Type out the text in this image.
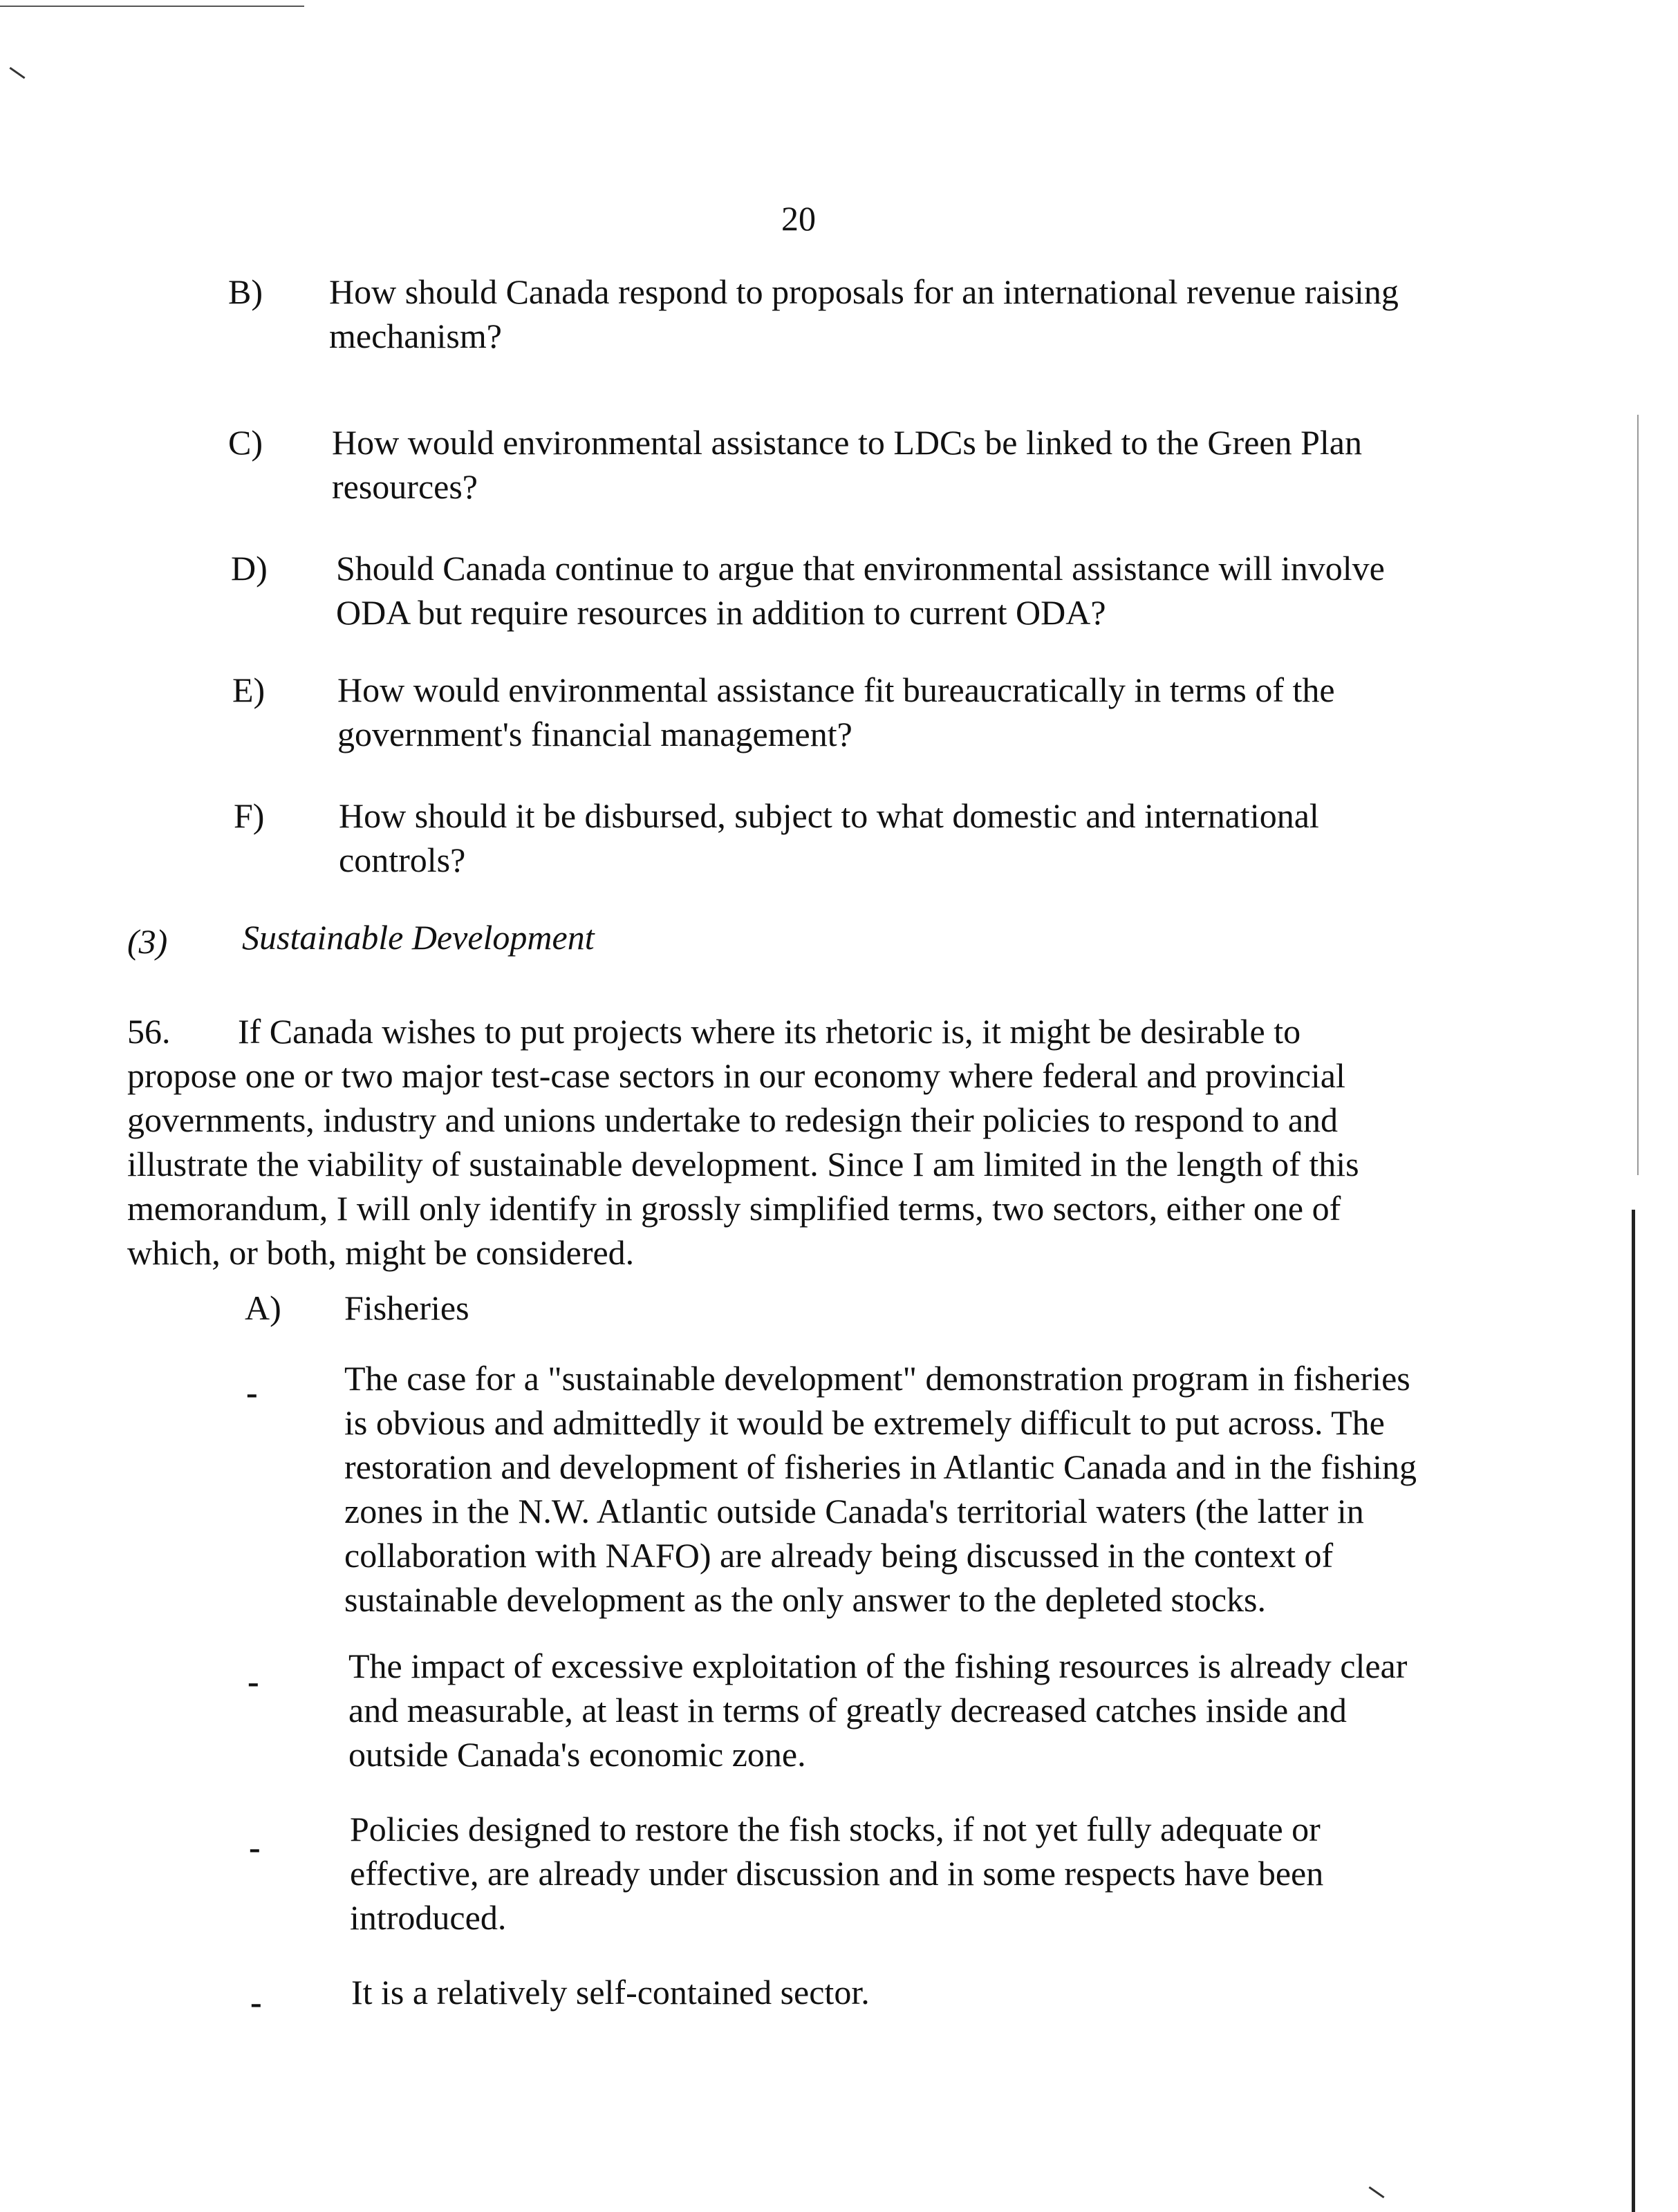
20
B) How should Canada respond to proposals for an international revenue raising
mechanism?
C) How would environmental assistance to LDCs be linked to the Green Plan
resources?
D) Should Canada continue to argue that environmental assistance will involve
ODA but require resources in addition to current ODA?
E) How would environmental assistance fit bureaucratically in terms of the
government's financial management?
F) How should it be disbursed, subject to what domestic and international
controls?
(3) Sustainable Development
56.	If Canada wishes to put projects where its rhetoric is, it might be desirable to
propose one or two major test-case sectors in our economy where federal and provincial
governments, industry and unions undertake to redesign their policies to respond to and
illustrate the viability of sustainable development. Since I am limited in the length of this
memorandum, I will only identify in grossly simplified terms, two sectors, either one of
which, or both, might be considered.
A) Fisheries
-	The case for a "sustainable development" demonstration program in fisheries
is obvious and admittedly it would be extremely difficult to put across. The
restoration and development of fisheries in Atlantic Canada and in the fishing
zones in the N.W. Atlantic outside Canada's territorial waters (the latter in
collaboration with NAFO) are already being discussed in the context of
sustainable development as the only answer to the depleted stocks.
-	The impact of excessive exploitation of the fishing resources is already clear
and measurable, at least in terms of greatly decreased catches inside and
outside Canada's economic zone.
-	Policies designed to restore the fish stocks, if not yet fully adequate or
effective, are already under discussion and in some respects have been
introduced.
-	It is a relatively self-contained sector.
